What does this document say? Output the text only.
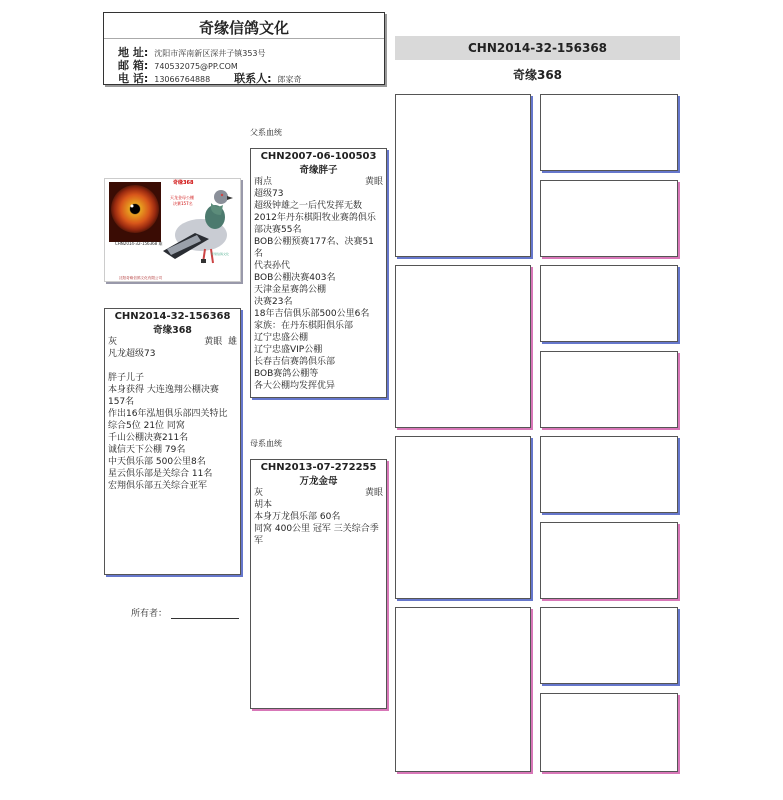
奇缘信鸽文化
地 址: 沈阳市浑南新区深井子镇353号
邮 箱: 740532075@PP.COM
电 话: 13066764888 联系人: 郎家奇
CHN2014-32-156368
奇缘368
父系血统
母系血统
CHN2014-32-156368 雄
奇缘368
天龙金母公棚
决赛157名
奇缘信鸽文化
沈阳奇缘信鸽文化有限公司
CHN2014-32-156368
奇缘368
灰	黄眼 雄
凡龙超级73
胖子儿子
本身获得 大连逸翔公棚决赛
157名
作出16年泓旭俱乐部四关特比
综合5位 21位 同窝
千山公棚决赛211名
诚信天下公棚 79名
中天俱乐部 500公里8名
星云俱乐部是关综合 11名
宏翔俱乐部五关综合亚军
CHN2007-06-100503
奇缘胖子
雨点	黄眼
超级73
超级钟雄之一后代发挥无数
2012年丹东棋阳牧业赛鸽俱乐
部决赛55名
BOB公棚预赛177名、决赛51
名
代表孙代
BOB公棚决赛403名
天津金星赛鸽公棚
决赛23名
18年吉信俱乐部500公里6名
家族：在丹东棋阳俱乐部
辽宁忠盛公棚
辽宁忠盛VIP公棚
长春吉信赛鸽俱乐部
BOB赛鸽公棚等
各大公棚均发挥优异
CHN2013-07-272255
万龙金母
灰	黄眼
胡本
本身万龙俱乐部 60名
同窝 400公里 冠军 三关综合季
军
所有者：
